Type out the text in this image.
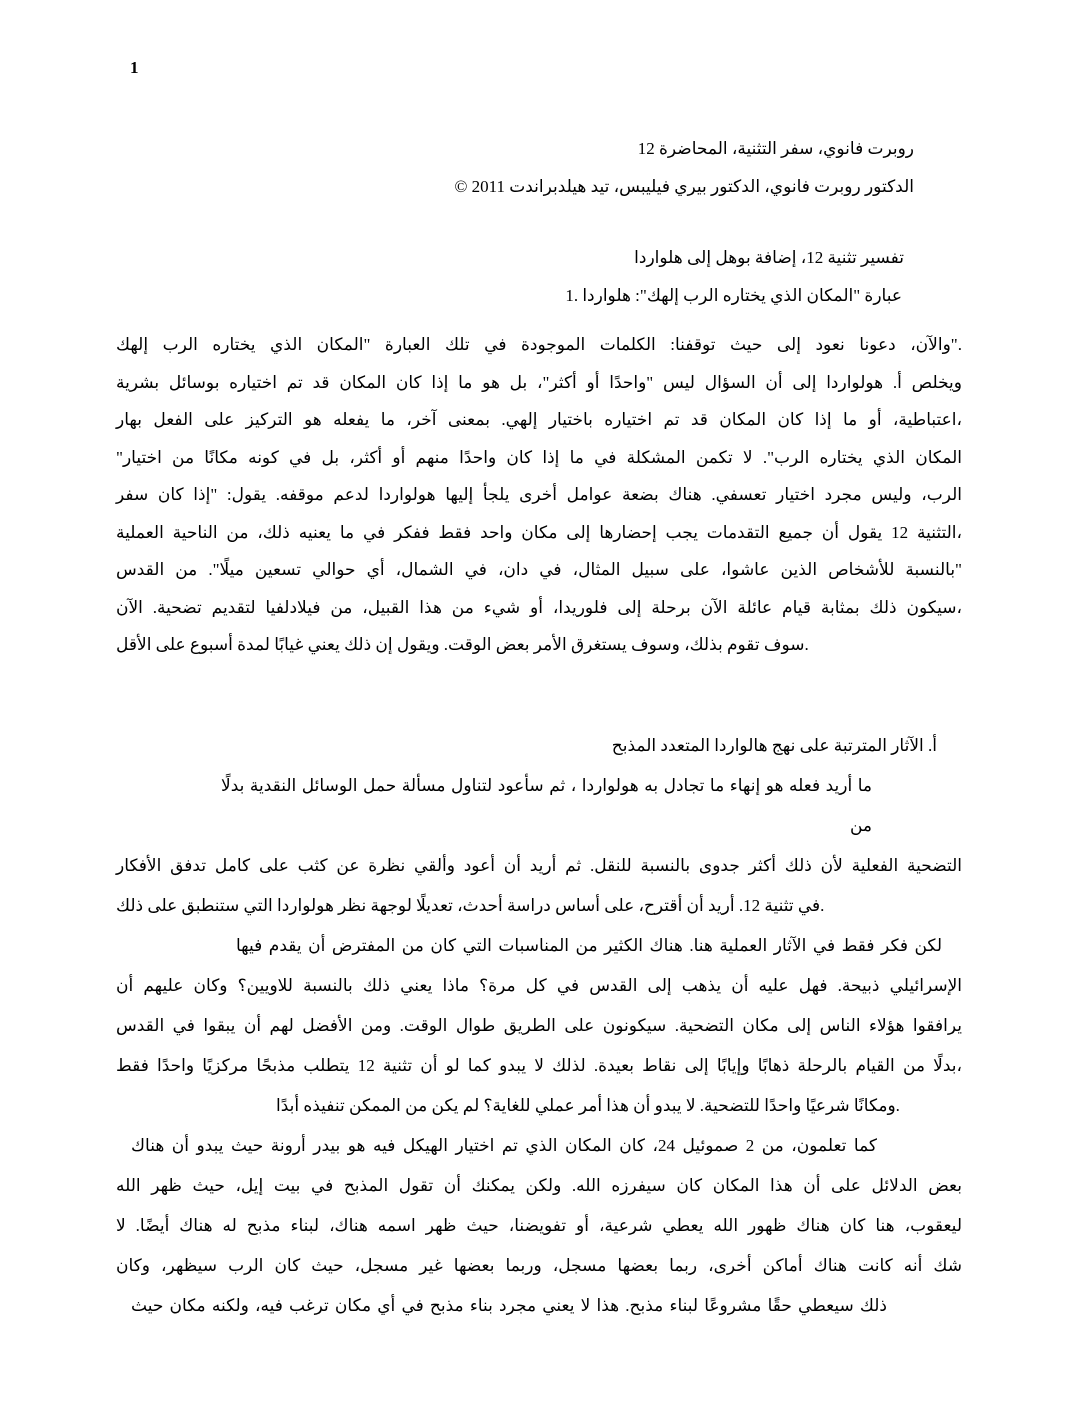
1
روبرت فانوي، سفر التثنية، المحاضرة 12
الدكتور روبرت فانوي، الدكتور بيري فيليبس، تيد هيلدبراندت 2011 ©
تفسير تثنية 12، إضافة بوهل إلى هلواردا
عبارة "المكان الذي يختاره الرب إلهك": هلواردا .1
."والآن، دعونا نعود إلى حيث توقفنا: الكلمات الموجودة في تلك العبارة "المكان الذي يختاره الرب إلهك
ويخلص أ. هولواردا إلى أن السؤال ليس "واحدًا أو أكثر"، بل هو ما إذا كان المكان قد تم اختياره بوسائل بشرية
،اعتباطية، أو ما إذا كان المكان قد تم اختياره باختيار إلهي. بمعنى آخر، ما يفعله هو التركيز على الفعل بهار
المكان الذي يختاره الرب". لا تكمن المشكلة في ما إذا كان واحدًا منهم أو أكثر، بل في كونه مكانًا من اختيار"
الرب، وليس مجرد اختيار تعسفي. هناك بضعة عوامل أخرى يلجأ إليها هولواردا لدعم موقفه. يقول: "إذا كان سفر
،التثنية 12 يقول أن جميع التقدمات يجب إحضارها إلى مكان واحد فقط ففكر في ما يعنيه ذلك، من الناحية العملية
"بالنسبة للأشخاص الذين عاشوا، على سبيل المثال، في دان، في الشمال، أي حوالي تسعين ميلًا". من القدس
،سيكون ذلك بمثابة قيام عائلة الآن برحلة إلى فلوريدا، أو شيء من هذا القبيل، من فيلادلفيا لتقديم تضحية. الآن
.سوف تقوم بذلك، وسوف يستغرق الأمر بعض الوقت. ويقول إن ذلك يعني غيابًا لمدة أسبوع على الأقل
أ. الآثار المترتبة على نهج هالواردا المتعدد المذبح
ما أريد فعله هو إنهاء ما تجادل به هولواردا ، ثم سأعود لتناول مسألة حمل الوسائل النقدية بدلًا من
التضحية الفعلية لأن ذلك أكثر جدوى بالنسبة للنقل. ثم أريد أن أعود وألقي نظرة عن كثب على كامل تدفق الأفكار
.في تثنية 12. أريد أن أقترح، على أساس دراسة أحدث، تعديلًا لوجهة نظر هولواردا التي ستنطبق على ذلك
لكن فكر فقط في الآثار العملية هنا. هناك الكثير من المناسبات التي كان من المفترض أن يقدم فيها
الإسرائيلي ذبيحة. فهل عليه أن يذهب إلى القدس في كل مرة؟ ماذا يعني ذلك بالنسبة للاويين؟ وكان عليهم أن
يرافقوا هؤلاء الناس إلى مكان التضحية. سيكونون على الطريق طوال الوقت. ومن الأفضل لهم أن يبقوا في القدس
،بدلًا من القيام بالرحلة ذهابًا وإيابًا إلى نقاط بعيدة. لذلك لا يبدو كما لو أن تثنية 12 يتطلب مذبحًا مركزيًا واحدًا فقط
.ومكانًا شرعيًا واحدًا للتضحية. لا يبدو أن هذا أمر عملي للغاية؟ لم يكن من الممكن تنفيذه أبدًا
كما تعلمون، من 2 صموئيل 24، كان المكان الذي تم اختيار الهيكل فيه هو بيدر أرونة حيث يبدو أن هناك
بعض الدلائل على أن هذا المكان كان سيفرزه الله. ولكن يمكنك أن تقول المذبح في بيت إيل، حيث ظهر الله
ليعقوب، هنا كان هناك ظهور الله يعطي شرعية، أو تفويضنا، حيث ظهر اسمه هناك، لبناء مذبح له هناك أيضًا. لا
شك أنه كانت هناك أماكن أخرى، ربما بعضها مسجل، وربما بعضها غير مسجل، حيث كان الرب سيظهر، وكان
ذلك سيعطي حقًا مشروعًا لبناء مذبح. هذا لا يعني مجرد بناء مذبح في أي مكان ترغب فيه، ولكنه مكان حيث
